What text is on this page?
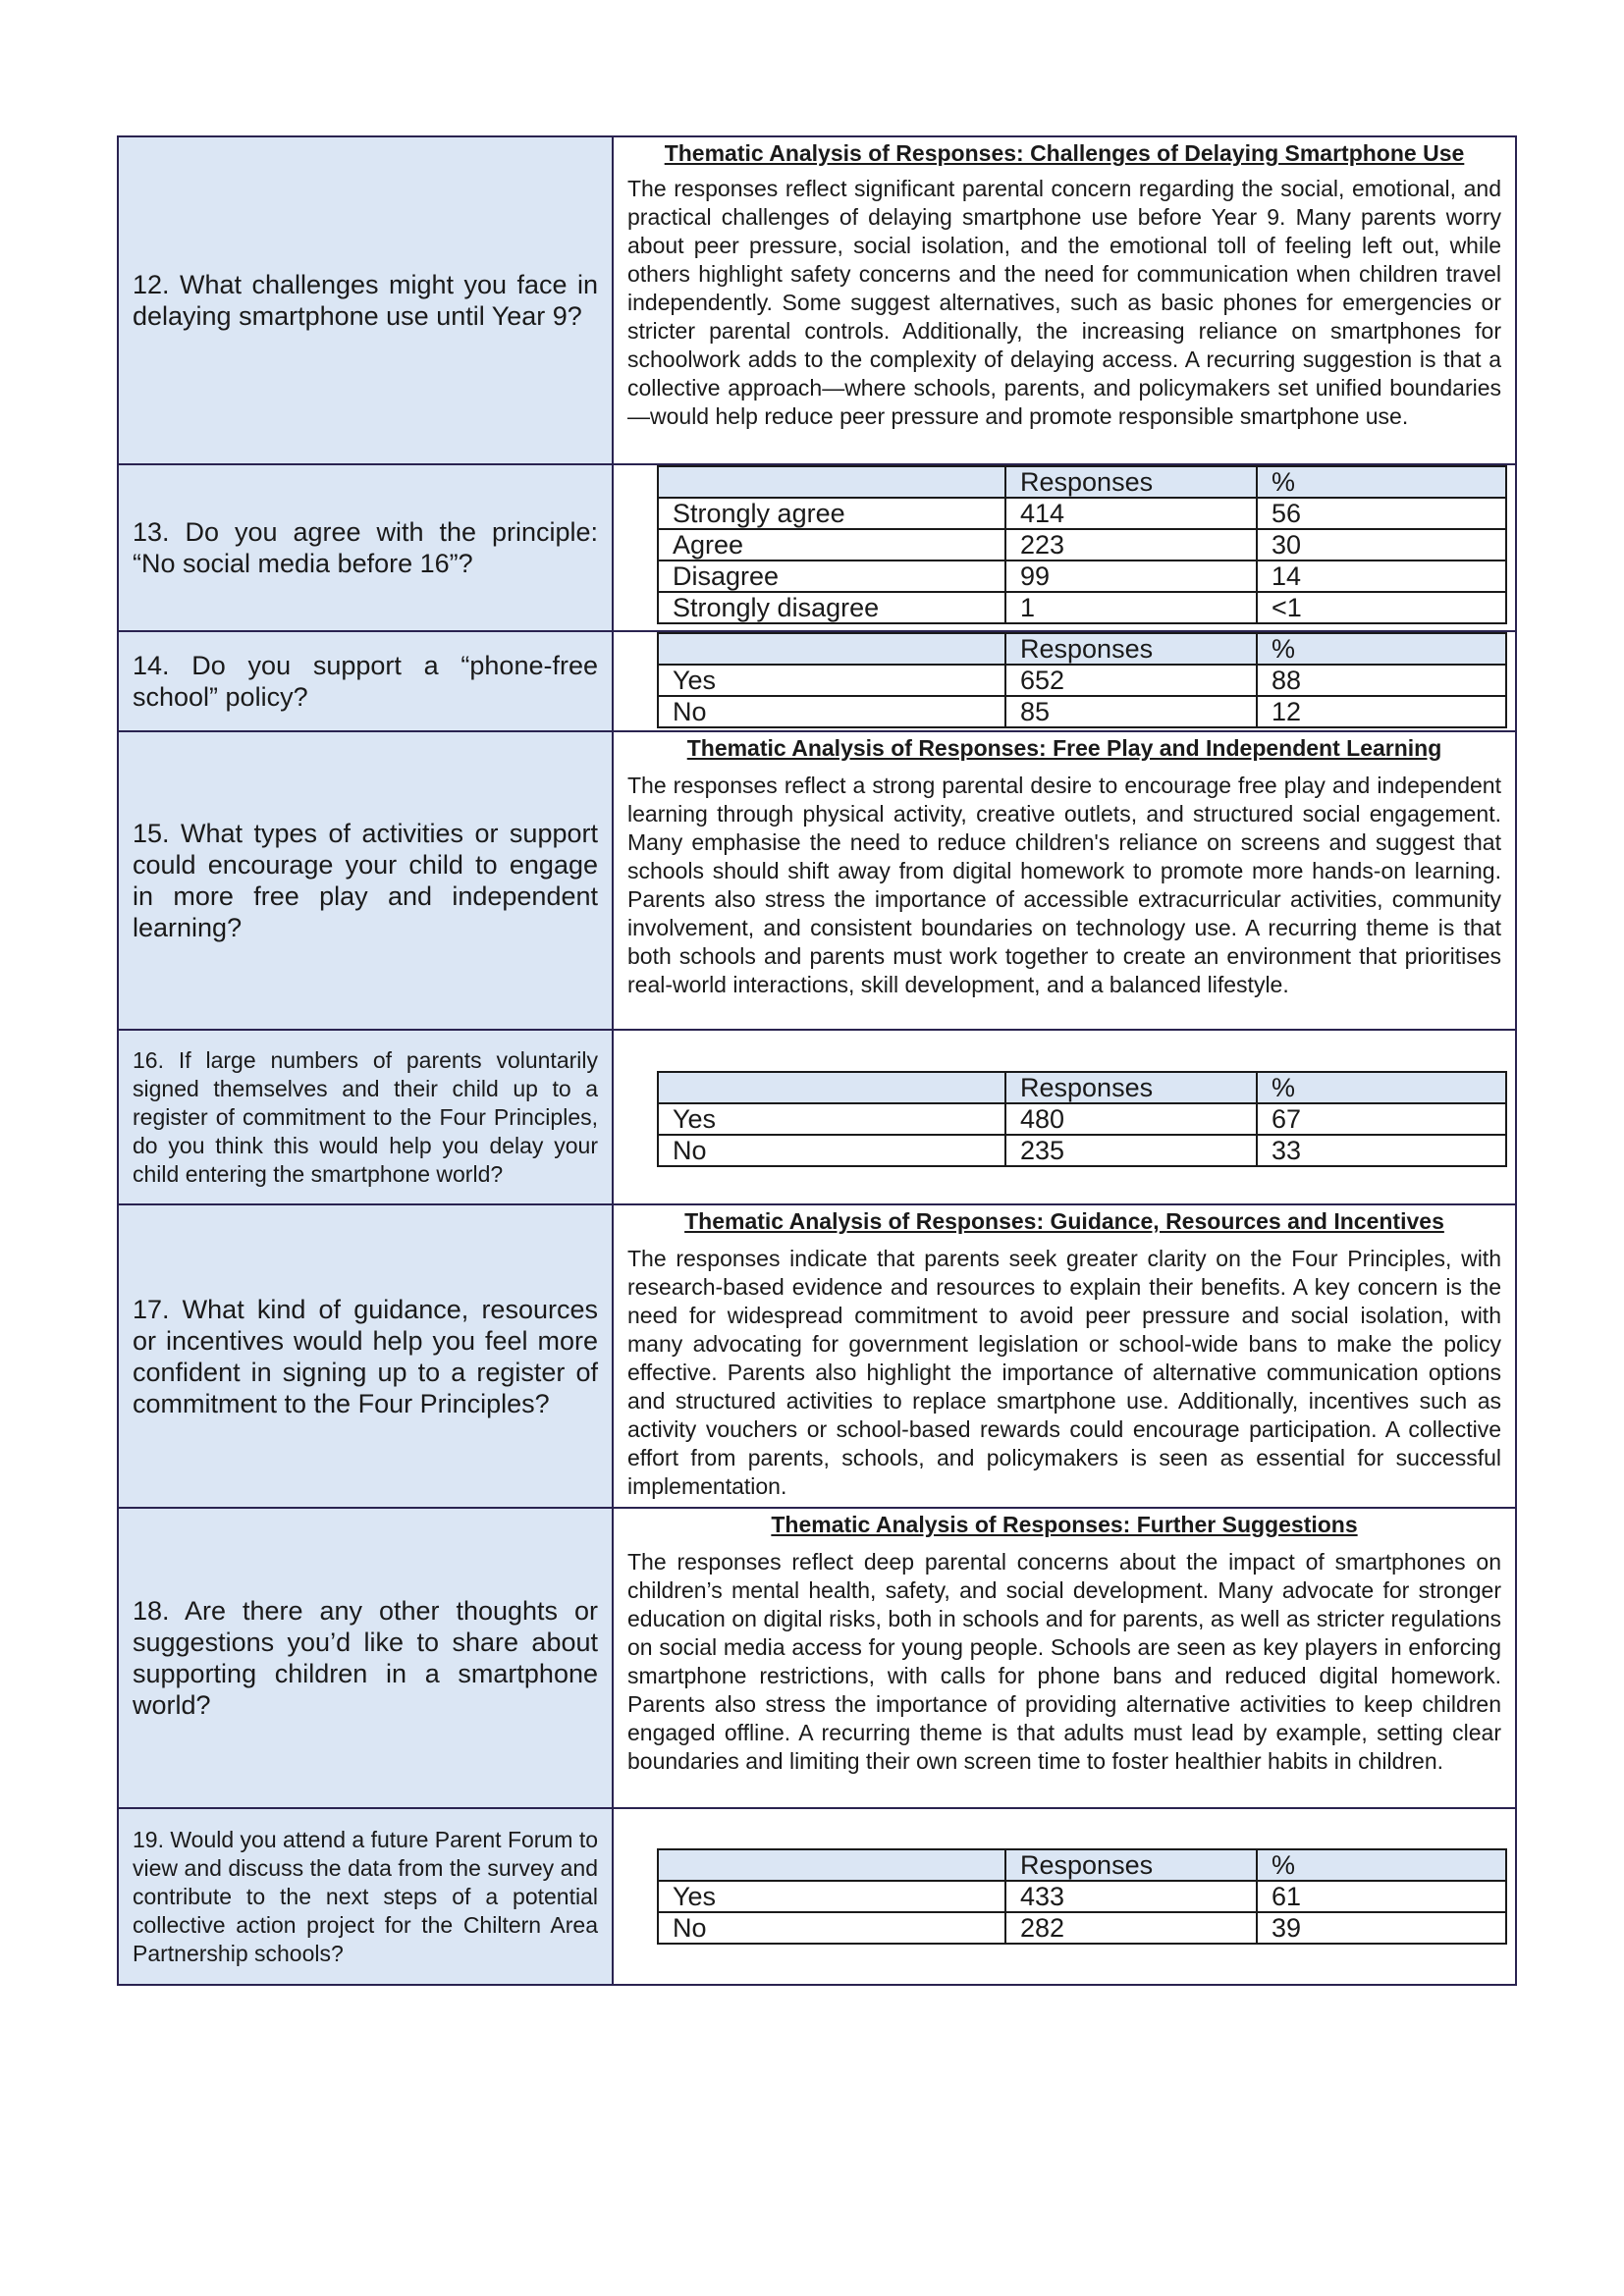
12. What challenges might you face in delaying smartphone use until Year 9?

Thematic Analysis of Responses: Challenges of Delaying Smartphone Use
The responses reflect significant parental concern regarding the social, emotional, and practical challenges of delaying smartphone use before Year 9. Many parents worry about peer pressure, social isolation, and the emotional toll of feeling left out, while others highlight safety concerns and the need for communication when children travel independently. Some suggest alternatives, such as basic phones for emergencies or stricter parental controls. Additionally, the increasing reliance on smartphones for schoolwork adds to the complexity of delaying access. A recurring suggestion is that a collective approach—where schools, parents, and policymakers set unified boundaries—would help reduce peer pressure and promote responsible smartphone use.

13. Do you agree with the principle: “No social media before 16”?

	Responses	%
Strongly agree	414	56
Agree	223	30
Disagree	99	14
Strongly disagree	1	<1

14. Do you support a “phone-free school” policy?

	Responses	%
Yes	652	88
No	85	12

15. What types of activities or support could encourage your child to engage in more free play and independent learning?

Thematic Analysis of Responses: Free Play and Independent Learning
The responses reflect a strong parental desire to encourage free play and independent learning through physical activity, creative outlets, and structured social engagement. Many emphasise the need to reduce children's reliance on screens and suggest that schools should shift away from digital homework to promote more hands-on learning. Parents also stress the importance of accessible extracurricular activities, community involvement, and consistent boundaries on technology use. A recurring theme is that both schools and parents must work together to create an environment that prioritises real-world interactions, skill development, and a balanced lifestyle.

16. If large numbers of parents voluntarily signed themselves and their child up to a register of commitment to the Four Principles, do you think this would help you delay your child entering the smartphone world?

	Responses	%
Yes	480	67
No	235	33

17. What kind of guidance, resources or incentives would help you feel more confident in signing up to a register of commitment to the Four Principles?

Thematic Analysis of Responses: Guidance, Resources and Incentives
The responses indicate that parents seek greater clarity on the Four Principles, with research-based evidence and resources to explain their benefits. A key concern is the need for widespread commitment to avoid peer pressure and social isolation, with many advocating for government legislation or school-wide bans to make the policy effective. Parents also highlight the importance of alternative communication options and structured activities to replace smartphone use. Additionally, incentives such as activity vouchers or school-based rewards could encourage participation. A collective effort from parents, schools, and policymakers is seen as essential for successful implementation.

18. Are there any other thoughts or suggestions you’d like to share about supporting children in a smartphone world?

Thematic Analysis of Responses: Further Suggestions
The responses reflect deep parental concerns about the impact of smartphones on children’s mental health, safety, and social development. Many advocate for stronger education on digital risks, both in schools and for parents, as well as stricter regulations on social media access for young people. Schools are seen as key players in enforcing smartphone restrictions, with calls for phone bans and reduced digital homework. Parents also stress the importance of providing alternative activities to keep children engaged offline. A recurring theme is that adults must lead by example, setting clear boundaries and limiting their own screen time to foster healthier habits in children.

19. Would you attend a future Parent Forum to view and discuss the data from the survey and contribute to the next steps of a potential collective action project for the Chiltern Area Partnership schools?

	Responses	%
Yes	433	61
No	282	39
